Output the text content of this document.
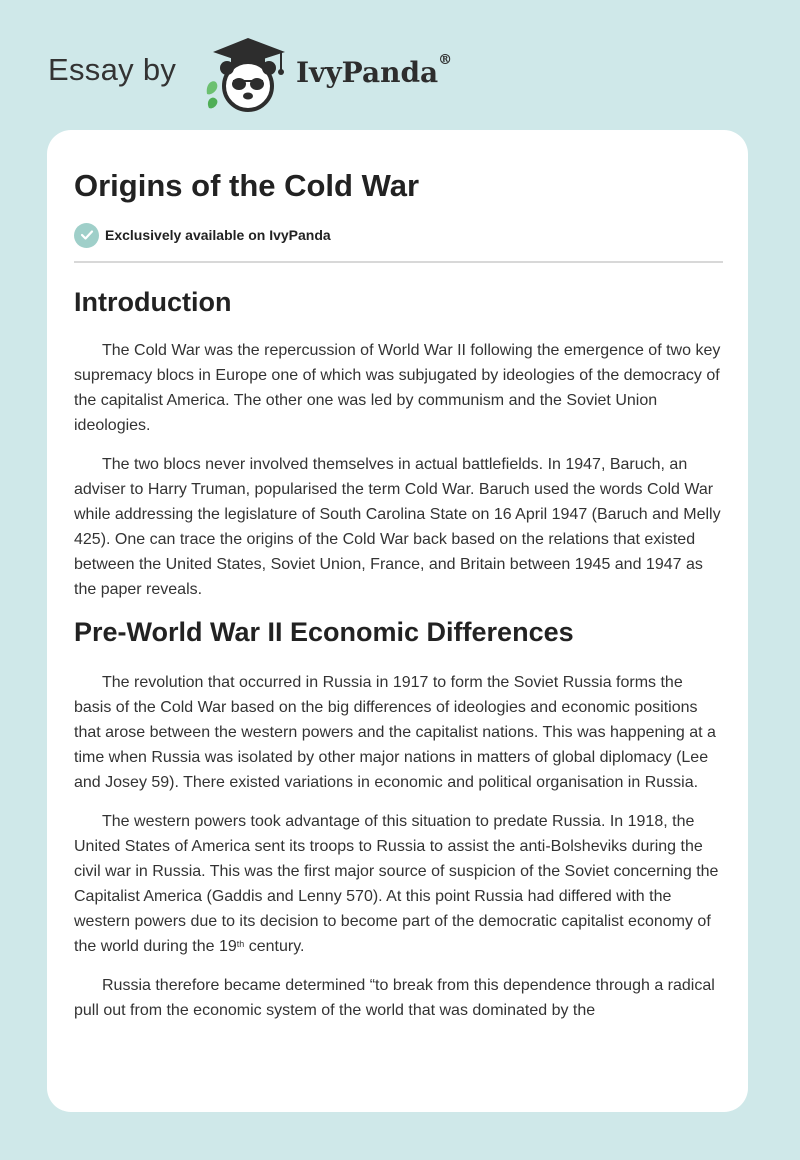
Essay by	IvyPanda®
Origins of the Cold War
Exclusively available on IvyPanda
Introduction

The Cold War was the repercussion of World War II following the emergence of two key supremacy blocs in Europe one of which was subjugated by ideologies of the democracy of the capitalist America. The other one was led by communism and the Soviet Union ideologies.

The two blocs never involved themselves in actual battlefields. In 1947, Baruch, an adviser to Harry Truman, popularised the term Cold War. Baruch used the words Cold War while addressing the legislature of South Carolina State on 16 April 1947 (Baruch and Melly 425). One can trace the origins of the Cold War back based on the relations that existed between the United States, Soviet Union, France, and Britain between 1945 and 1947 as the paper reveals.

Pre-World War II Economic Differences

The revolution that occurred in Russia in 1917 to form the Soviet Russia forms the basis of the Cold War based on the big differences of ideologies and economic positions that arose between the western powers and the capitalist nations. This was happening at a time when Russia was isolated by other major nations in matters of global diplomacy (Lee and Josey 59). There existed variations in economic and political organisation in Russia.

The western powers took advantage of this situation to predate Russia. In 1918, the United States of America sent its troops to Russia to assist the anti-Bolsheviks during the civil war in Russia. This was the first major source of suspicion of the Soviet concerning the Capitalist America (Gaddis and Lenny 570). At this point Russia had differed with the western powers due to its decision to become part of the democratic capitalist economy of the world during the 19th century.

Russia therefore became determined “to break from this dependence through a radical pull out from the economic system of the world that was dominated by the
